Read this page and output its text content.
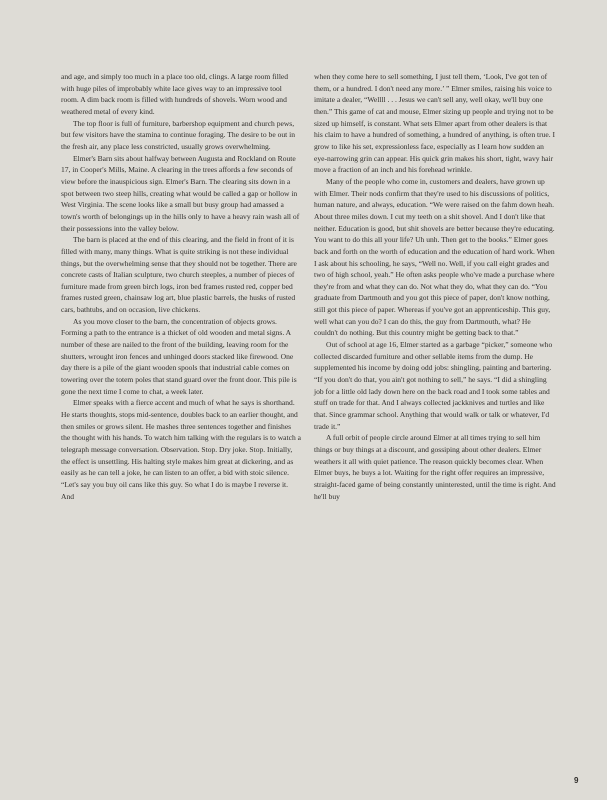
and age, and simply too much in a place too old, clings. A large room filled with huge piles of improbably white lace gives way to an impressive tool room. A dim back room is filled with hundreds of shovels. Worn wood and weathered metal of every kind.

The top floor is full of furniture, barbershop equipment and church pews, but few visitors have the stamina to continue foraging. The desire to be out in the fresh air, any place less constricted, usually grows overwhelming.

Elmer's Barn sits about halfway between Augusta and Rockland on Route 17, in Cooper's Mills, Maine. A clearing in the trees affords a few seconds of view before the inauspicious sign. Elmer's Barn. The clearing sits down in a spot between two steep hills, creating what would be called a gap or hollow in West Virginia. The scene looks like a small but busy group had amassed a town's worth of belongings up in the hills only to have a heavy rain wash all of their possessions into the valley below.

The barn is placed at the end of this clearing, and the field in front of it is filled with many, many things. What is quite striking is not these individual things, but the overwhelming sense that they should not be together. There are concrete casts of Italian sculpture, two church steeples, a number of pieces of furniture made from green birch logs, iron bed frames rusted red, copper bed frames rusted green, chainsaw log art, blue plastic barrels, the husks of rusted cars, bathtubs, and on occasion, live chickens.

As you move closer to the barn, the concentration of objects grows. Forming a path to the entrance is a thicket of old wooden and metal signs. A number of these are nailed to the front of the building, leaving room for the shutters, wrought iron fences and unhinged doors stacked like firewood. One day there is a pile of the giant wooden spools that industrial cable comes on towering over the totem poles that stand guard over the front door. This pile is gone the next time I come to chat, a week later.

Elmer speaks with a fierce accent and much of what he says is shorthand. He starts thoughts, stops mid-sentence, doubles back to an earlier thought, and then smiles or grows silent. He mashes three sentences together and finishes the thought with his hands. To watch him talking with the regulars is to watch a telegraph message conversation. Observation. Stop. Dry joke. Stop. Initially, the effect is unsettling. His halting style makes him great at dickering, and as easily as he can tell a joke, he can listen to an offer, a bid with stoic silence. “Let's say you buy oil cans like this guy. So what I do is maybe I reverse it. And

when they come here to sell something, I just tell them, ‘Look, I've got ten of them, or a hundred. I don't need any more.’ ” Elmer smiles, raising his voice to imitate a dealer, “Wellll . . . Jesus we can't sell any, well okay, we'll buy one then.” This game of cat and mouse, Elmer sizing up people and trying not to be sized up himself, is constant. What sets Elmer apart from other dealers is that his claim to have a hundred of something, a hundred of anything, is often true. I grow to like his set, expressionless face, especially as I learn how sudden an eye-narrowing grin can appear. His quick grin makes his short, tight, wavy hair move a fraction of an inch and his forehead wrinkle.

Many of the people who come in, customers and dealers, have grown up with Elmer. Their nods confirm that they're used to his discussions of politics, human nature, and always, education. “We were raised on the fahm down heah. About three miles down. I cut my teeth on a shit shovel. And I don't like that neither. Education is good, but shit shovels are better because they're educating. You want to do this all your life? Uh unh. Then get to the books.” Elmer goes back and forth on the worth of education and the education of hard work. When I ask about his schooling, he says, “Well no. Well, if you call eight grades and two of high school, yeah.” He often asks people who've made a purchase where they're from and what they can do. Not what they do, what they can do. “You graduate from Dartmouth and you got this piece of paper, don't know nothing, still got this piece of paper. Whereas if you've got an apprenticeship. This guy, well what can you do? I can do this, the guy from Dartmouth, what? He couldn't do nothing. But this country might be getting back to that.”

Out of school at age 16, Elmer started as a garbage “picker,” someone who collected discarded furniture and other sellable items from the dump. He supplemented his income by doing odd jobs: shingling, painting and bartering. “If you don't do that, you ain't got nothing to sell,” he says. “I did a shingling job for a little old lady down here on the back road and I took some tables and stuff on trade for that. And I always collected jackknives and turtles and like that. Since grammar school. Anything that would walk or talk or whatever, I'd trade it.”

A full orbit of people circle around Elmer at all times trying to sell him things or buy things at a discount, and gossiping about other dealers. Elmer weathers it all with quiet patience. The reason quickly becomes clear. When Elmer buys, he buys a lot. Waiting for the right offer requires an impressive, straight-faced game of being constantly uninterested, until the time is right. And he'll buy

9
